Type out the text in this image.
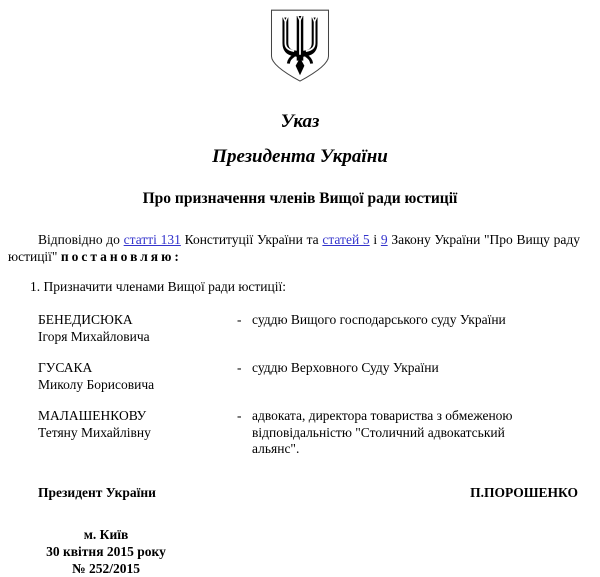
Указ
Президента України
Про призначення членів Вищої ради юстиції
Відповідно до статті 131 Конституції України та статей 5 і 9 Закону України "Про Вищу раду юстиції" постановляю:
1. Призначити членами Вищої ради юстиції:
БЕНЕДИСЮКА
Ігоря Михайловича
- суддю Вищого господарського суду України
ГУСАКА
Миколу Борисовича
- суддю Верховного Суду України
МАЛАШЕНКОВУ
Тетяну Михайлівну
- адвоката, директора товариства з обмеженою відповідальністю "Столичний адвокатський альянс".
Президент України	П.ПОРОШЕНКО
м. Київ
30 квітня 2015 року
№ 252/2015
